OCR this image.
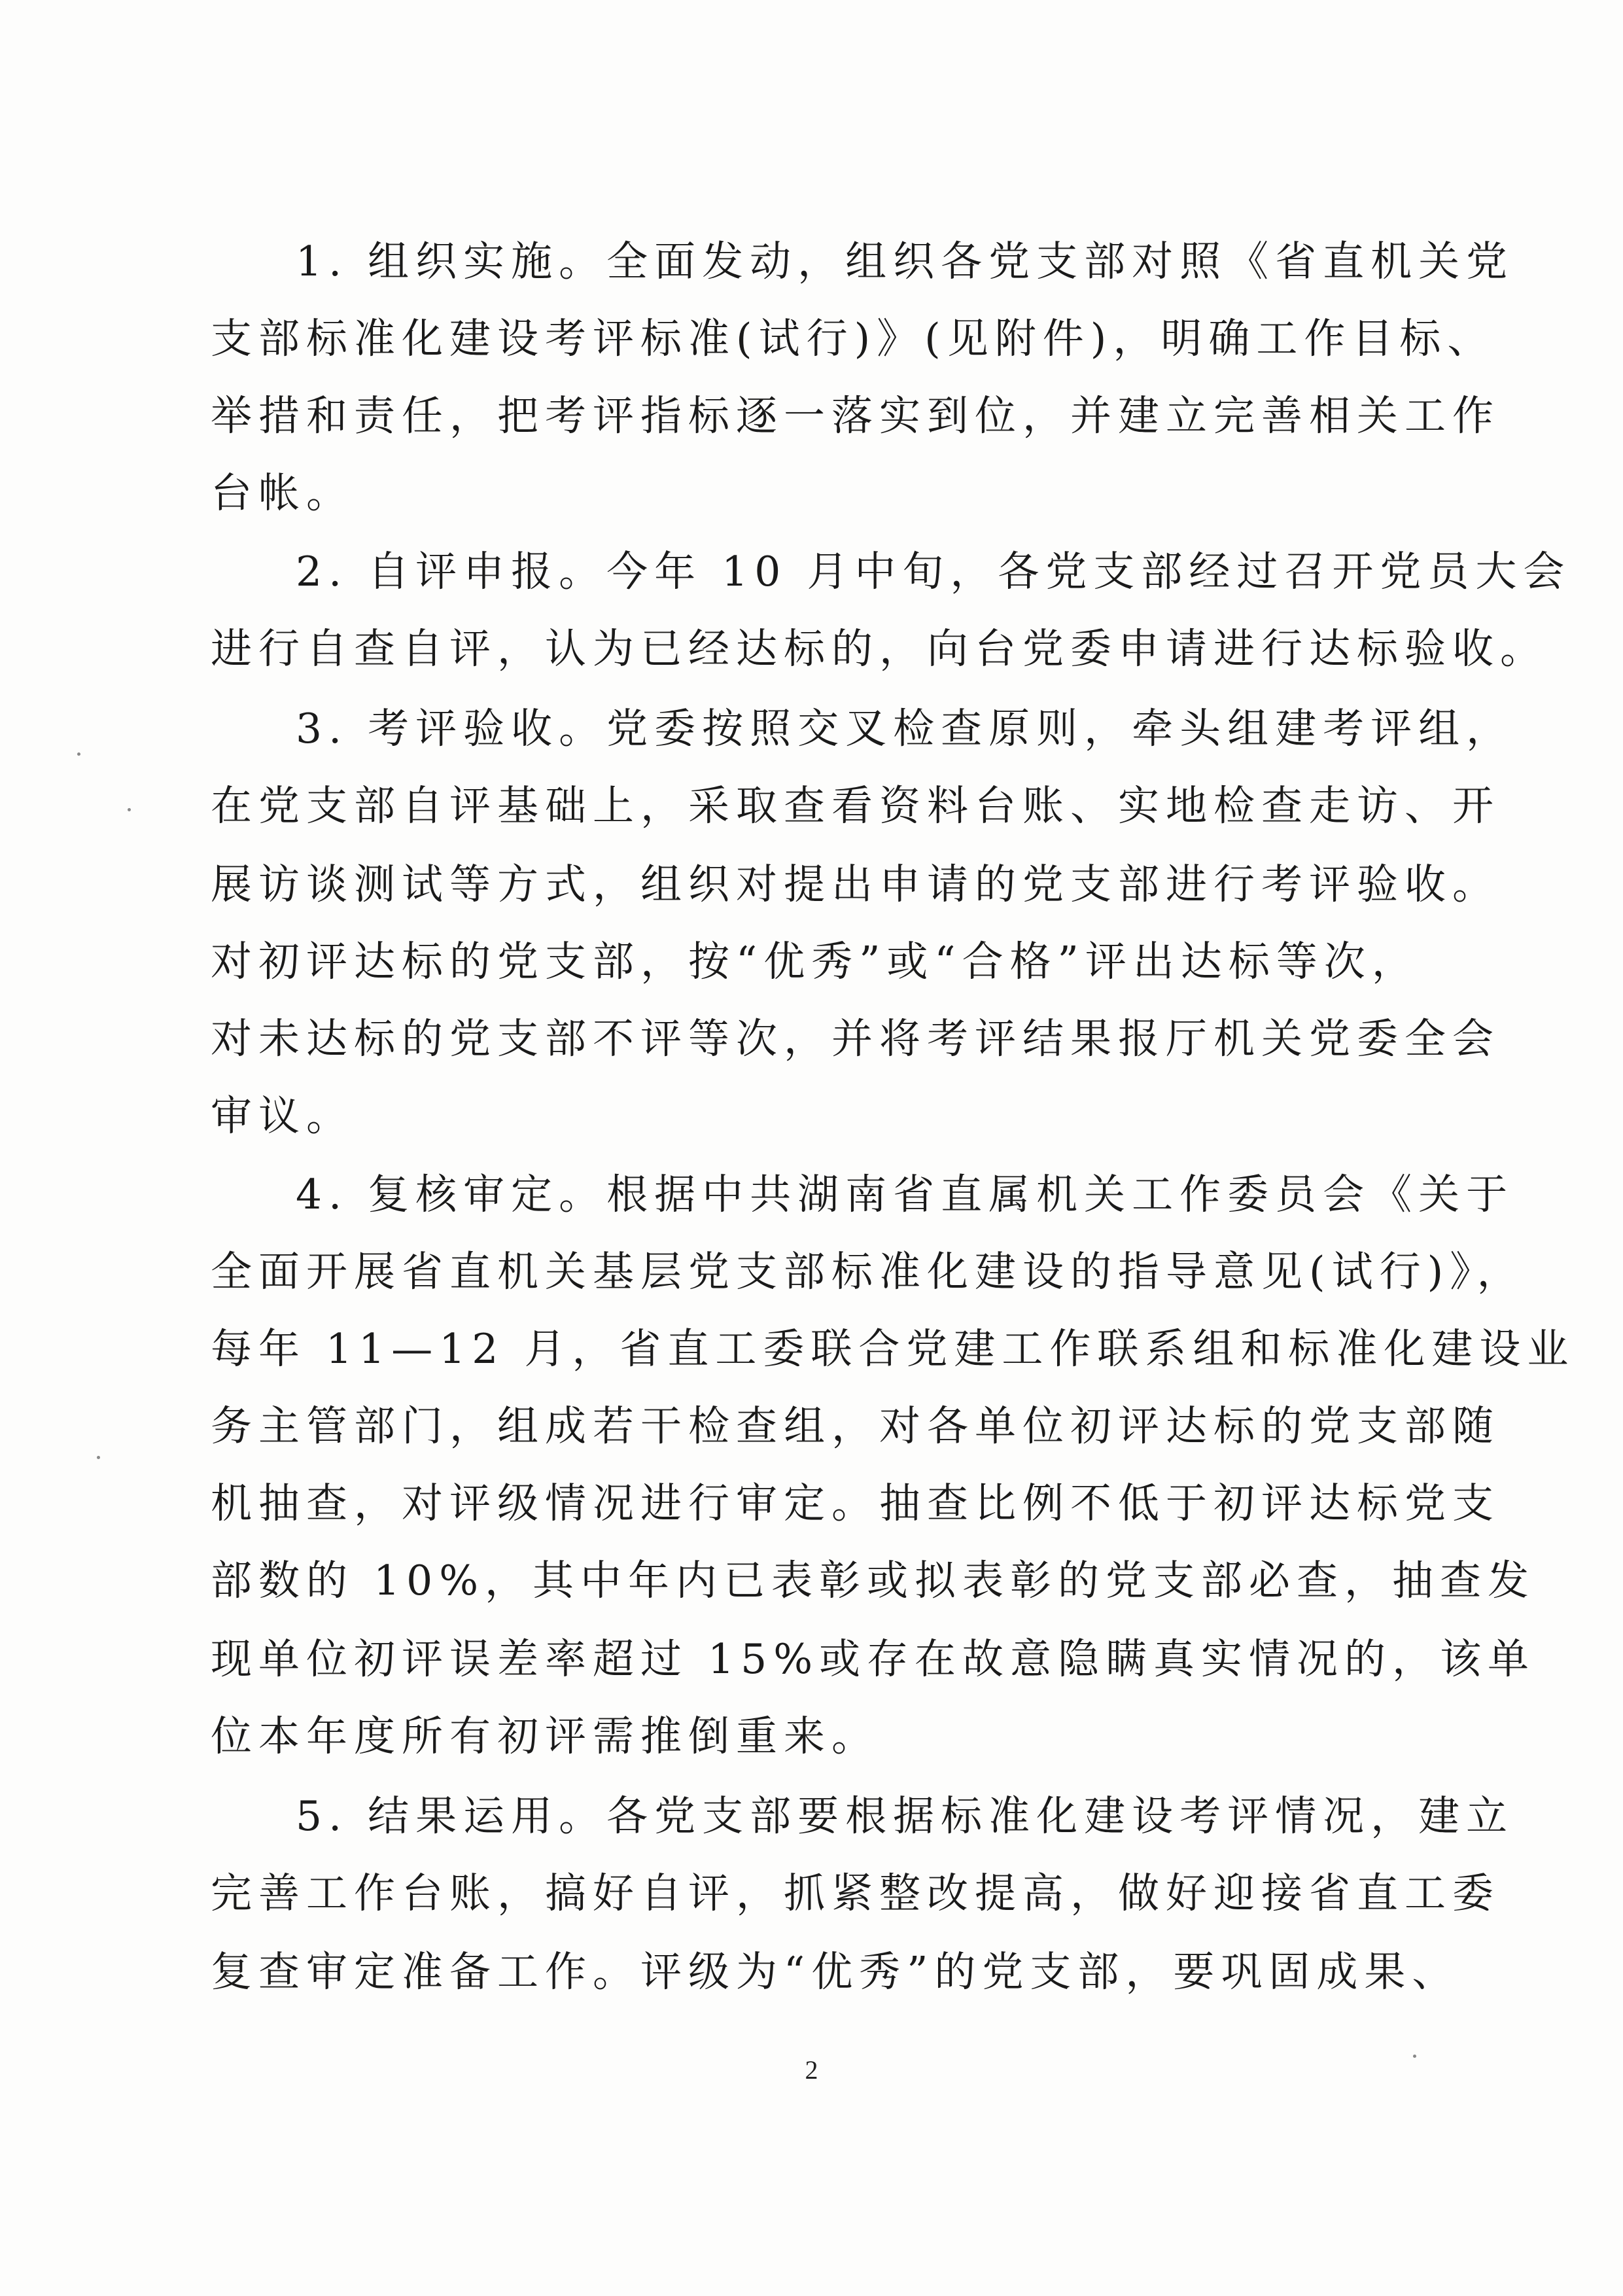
1. 组织实施。全面发动，组织各党支部对照《省直机关党
支部标准化建设考评标准(试行)》(见附件)，明确工作目标、
举措和责任，把考评指标逐一落实到位，并建立完善相关工作
台帐。
2. 自评申报。今年 10 月中旬，各党支部经过召开党员大会
进行自查自评，认为已经达标的，向台党委申请进行达标验收。
3. 考评验收。党委按照交叉检查原则，牵头组建考评组，
在党支部自评基础上，采取查看资料台账、实地检查走访、开
展访谈测试等方式，组织对提出申请的党支部进行考评验收。
对初评达标的党支部，按“优秀”或“合格”评出达标等次，
对未达标的党支部不评等次，并将考评结果报厅机关党委全会
审议。
4. 复核审定。根据中共湖南省直属机关工作委员会《关于
全面开展省直机关基层党支部标准化建设的指导意见(试行)》，
每年 11—12 月，省直工委联合党建工作联系组和标准化建设业
务主管部门，组成若干检查组，对各单位初评达标的党支部随
机抽查，对评级情况进行审定。抽查比例不低于初评达标党支
部数的 10%，其中年内已表彰或拟表彰的党支部必查，抽查发
现单位初评误差率超过 15%或存在故意隐瞒真实情况的，该单
位本年度所有初评需推倒重来。
5. 结果运用。各党支部要根据标准化建设考评情况，建立
完善工作台账，搞好自评，抓紧整改提高，做好迎接省直工委
复查审定准备工作。评级为“优秀”的党支部，要巩固成果、
2
